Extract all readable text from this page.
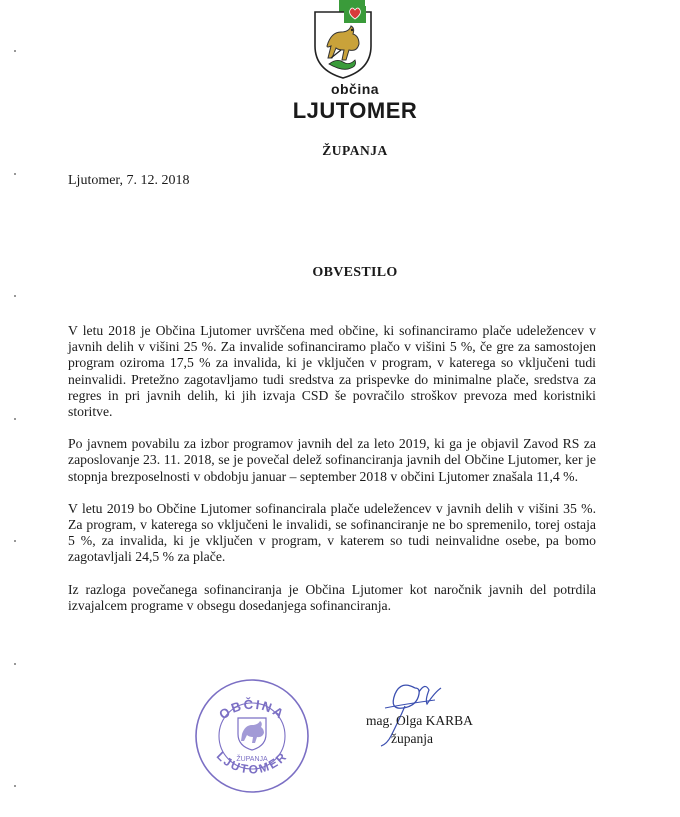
občina
LJUTOMER
ŽUPANJA
Ljutomer, 7. 12. 2018
OBVESTILO

V letu 2018 je Občina Ljutomer uvrščena med občine, ki sofinanciramo plače udeležencev v javnih delih v višini 25 %. Za invalide sofinanciramo plačo v višini 5 %, če gre za samostojen program oziroma 17,5 % za invalida, ki je vključen v program, v katerega so vključeni tudi neinvalidi. Pretežno zagotavljamo tudi sredstva za prispevke do minimalne plače, sredstva za regres in pri javnih delih, ki jih izvaja CSD še povračilo stroškov prevoza med koristniki storitve.

Po javnem povabilu za izbor programov javnih del za leto 2019, ki ga je objavil Zavod RS za zaposlovanje 23. 11. 2018, se je povečal delež sofinanciranja javnih del Občine Ljutomer, ker je stopnja brezposelnosti v obdobju januar – september 2018 v občini Ljutomer znašala 11,4 %.

V letu 2019 bo Občine Ljutomer sofinancirala plače udeležencev v javnih delih v višini 35 %. Za program, v katerega so vključeni le invalidi, se sofinanciranje ne bo spremenilo, torej ostaja 5 %, za invalida, ki je vključen v program, v katerem so tudi neinvalidne osebe, pa bomo zagotavljali 24,5 % za plače.

Iz razloga povečanega sofinanciranja je Občina Ljutomer kot naročnik javnih del potrdila izvajalcem programe v obsegu dosedanjega sofinanciranja.

OBČINA
LJUTOMER
ŽUPANJA
mag. Olga KARBA
županja
